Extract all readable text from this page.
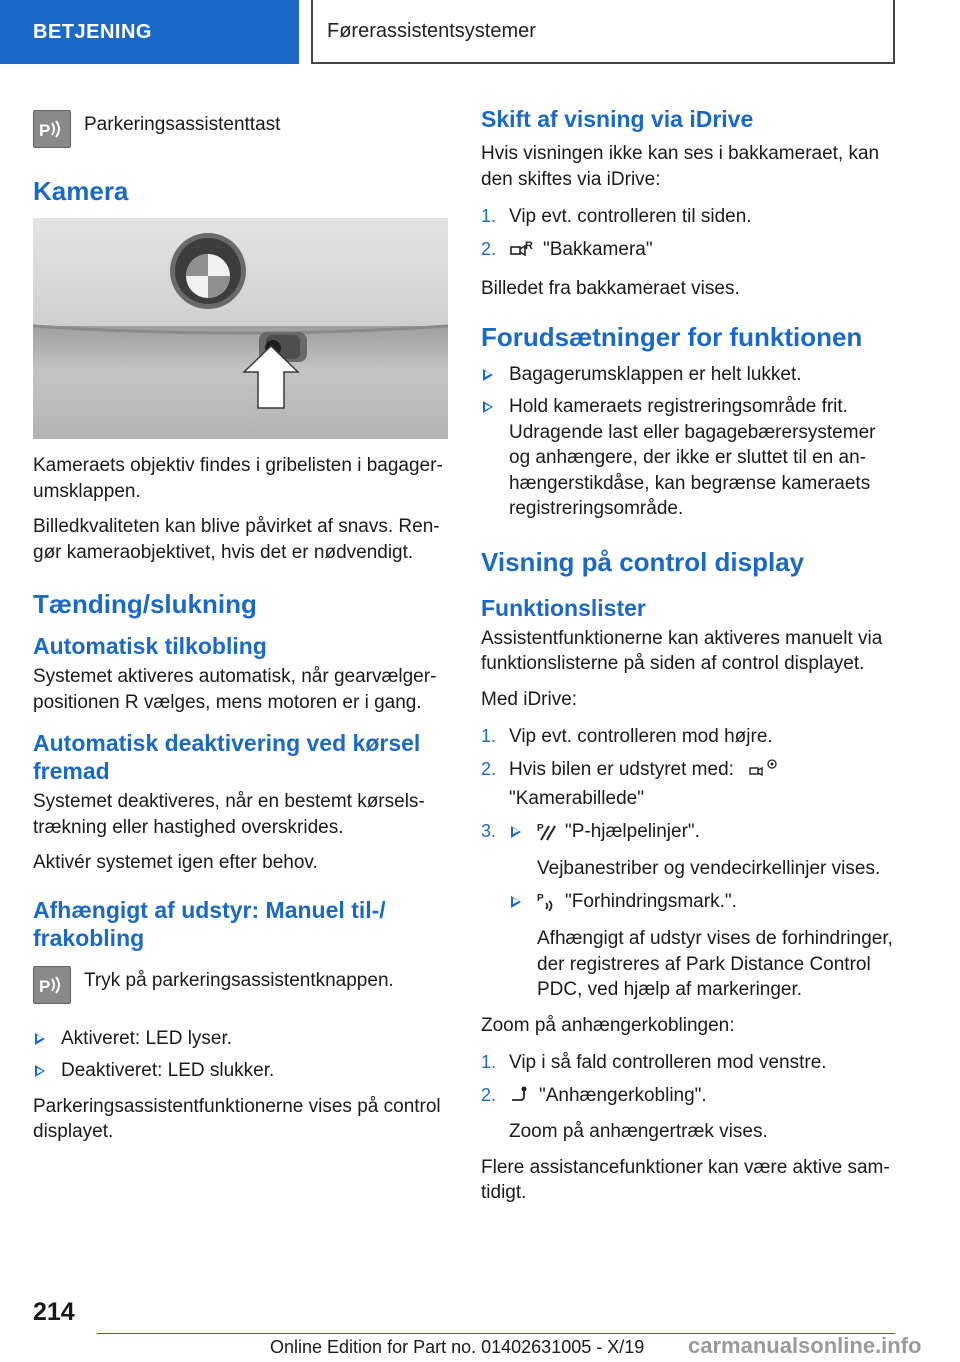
BETJENING	Førerassistentsystemer
P Parkeringsassistenttast
Kamera

Kameraets objektiv findes i gribelisten i bagagerumsklappen.

Billedkvaliteten kan blive påvirket af snavs. Rengør kameraobjektivet, hvis det er nødvendigt.

Tænding/slukning
Automatisk tilkobling

Systemet aktiveres automatisk, når gearvælgerpositionen R vælges, mens motoren er i gang.

Automatisk deaktivering ved kørsel fremad

Systemet deaktiveres, når en bestemt kørselstrækning eller hastighed overskrides.

Aktivér systemet igen efter behov.

Afhængigt af udstyr: Manuel til-/ frakobling
P Tryk på parkeringsassistentknappen.
Aktiveret: LED lyser.
Deaktiveret: LED slukker.

Parkeringsassistentfunktionerne vises på control displayet.

Skift af visning via iDrive

Hvis visningen ikke kan ses i bakkameraet, kan den skiftes via iDrive:

1. Vip evt. controlleren til siden.
2.	R "Bakkamera"

Billedet fra bakkameraet vises.

Forudsætninger for funktionen
Bagagerumsklappen er helt lukket.
Hold kameraets registreringsområde frit. Udragende last eller bagagebærersystemer og anhængere, der ikke er sluttet til en anhængerstikdåse, kan begrænse kameraets registreringsområde.
Visning på control display
Funktionslister

Assistentfunktionerne kan aktiveres manuelt via funktionslisterne på siden af control displayet.

Med iDrive:

1. Vip evt. controlleren mod højre.
2. Hvis bilen er udstyret med:
"Kamerabillede"
3.	P "P-hjælpelinjer".

Vejbanestriber og vendecirkellinjer vises.
P "Forhindringsmark.".

Afhængigt af udstyr vises de forhindringer, der registreres af Park Distance Control PDC, ved hjælp af markeringer.

Zoom på anhængerkoblingen:

1. Vip i så fald controlleren mod venstre.
2. "Anhængerkobling".

Zoom på anhængertræk vises.

Flere assistancefunktioner kan være aktive samtidigt.

214
Online Edition for Part no. 01402631005 - X/19 carmanualsonline.info
